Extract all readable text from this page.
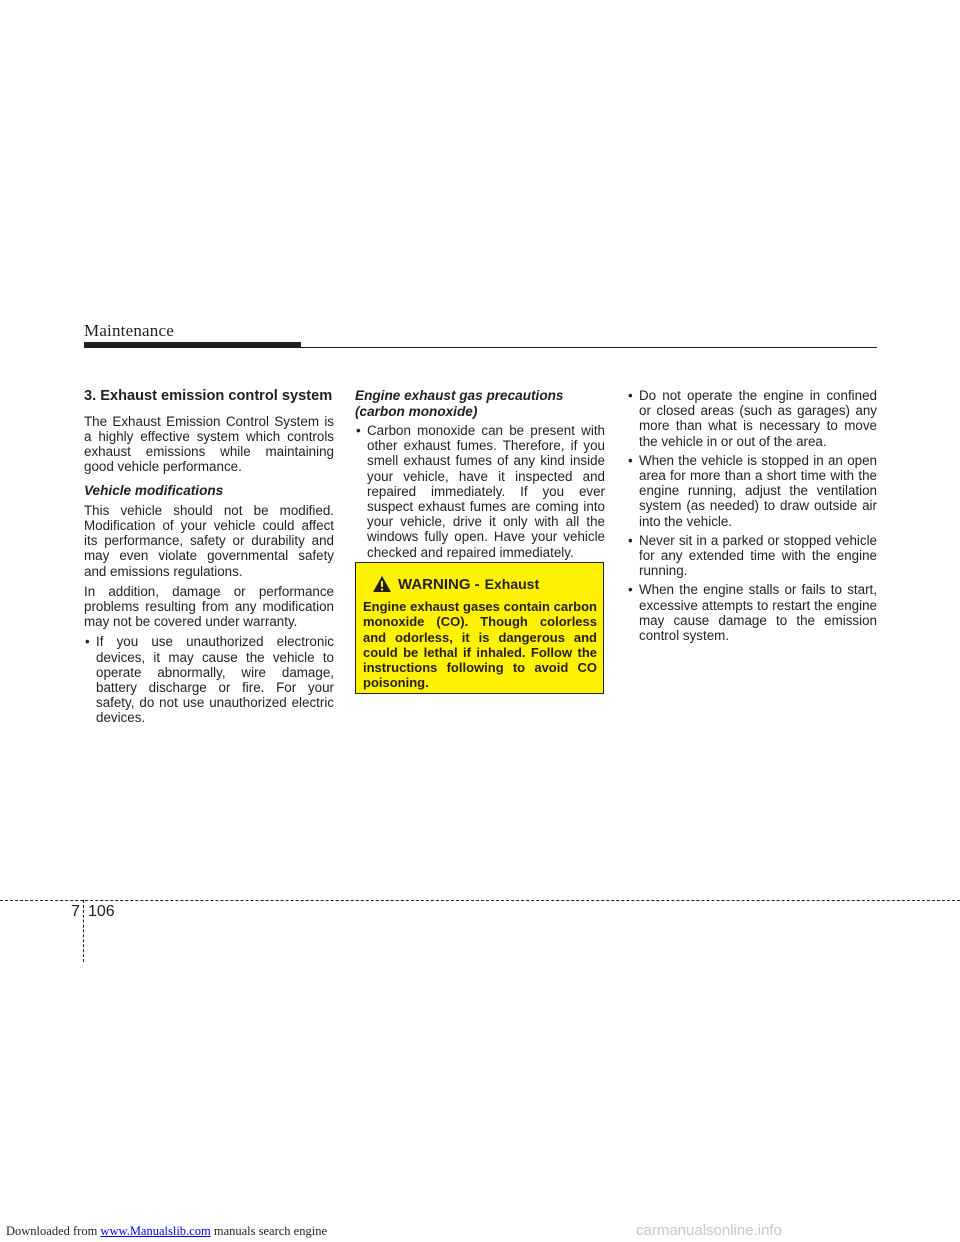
Maintenance
3. Exhaust emission control system

The Exhaust Emission Control System is a highly effective system which controls exhaust emissions while maintaining good vehicle performance.

Vehicle modifications

This vehicle should not be modified. Modification of your vehicle could affect its performance, safety or durability and may even violate governmental safety and emissions regulations.

In addition, damage or performance problems resulting from any modification may not be covered under warranty.

• If you use unauthorized electronic devices, it may cause the vehicle to operate abnormally, wire damage, battery discharge or fire. For your safety, do not use unauthorized electric devices.
Engine exhaust gas precautions (carbon monoxide)
• Carbon monoxide can be present with other exhaust fumes. Therefore, if you smell exhaust fumes of any kind inside your vehicle, have it inspected and repaired immediately. If you ever suspect exhaust fumes are coming into your vehicle, drive it only with all the windows fully open. Have your vehicle checked and repaired immediately.
WARNING - Exhaust
Engine exhaust gases contain carbon monoxide (CO). Though colorless and odorless, it is dangerous and could be lethal if inhaled. Follow the instructions following to avoid CO poisoning.
• Do not operate the engine in confined or closed areas (such as garages) any more than what is necessary to move the vehicle in or out of the area.
• When the vehicle is stopped in an open area for more than a short time with the engine running, adjust the ventilation system (as needed) to draw outside air into the vehicle.
• Never sit in a parked or stopped vehicle for any extended time with the engine running.
• When the engine stalls or fails to start, excessive attempts to restart the engine may cause damage to the emission control system.
7 106
Downloaded from www.Manualslib.com manuals search engine	carmanualsonline.info
